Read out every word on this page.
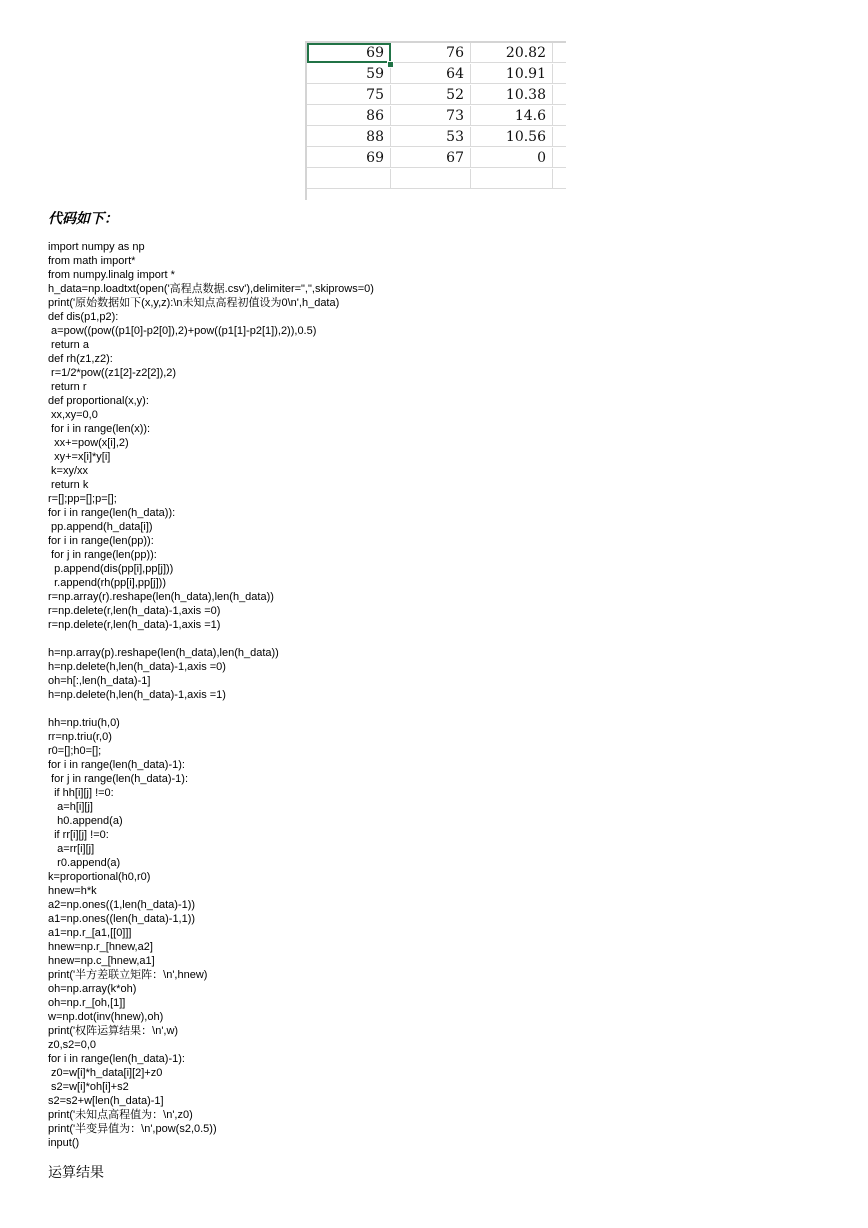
69	76	20.82
59	64	10.91
75	52	10.38
86	73	14.6
88	53	10.56
69	67	0
代码如下：
import numpy as np
from math import*
from numpy.linalg import *
h_data=np.loadtxt(open('高程点数据.csv'),delimiter=",",skiprows=0)
print('原始数据如下(x,y,z):\n未知点高程初值设为0\n',h_data)
def dis(p1,p2):
a=pow((pow((p1[0]-p2[0]),2)+pow((p1[1]-p2[1]),2)),0.5)
return a
def rh(z1,z2):
r=1/2*pow((z1[2]-z2[2]),2)
return r
def proportional(x,y):
xx,xy=0,0
for i in range(len(x)):
xx+=pow(x[i],2)
xy+=x[i]*y[i]
k=xy/xx
return k
r=[];pp=[];p=[];
for i in range(len(h_data)):
pp.append(h_data[i])
for i in range(len(pp)):
for j in range(len(pp)):
p.append(dis(pp[i],pp[j]))
r.append(rh(pp[i],pp[j]))
r=np.array(r).reshape(len(h_data),len(h_data))
r=np.delete(r,len(h_data)-1,axis =0)
r=np.delete(r,len(h_data)-1,axis =1)

h=np.array(p).reshape(len(h_data),len(h_data))
h=np.delete(h,len(h_data)-1,axis =0)
oh=h[:,len(h_data)-1]
h=np.delete(h,len(h_data)-1,axis =1)

hh=np.triu(h,0)
rr=np.triu(r,0)
r0=[];h0=[];
for i in range(len(h_data)-1):
for j in range(len(h_data)-1):
if hh[i][j] !=0:
a=h[i][j]
h0.append(a)
if rr[i][j] !=0:
a=rr[i][j]
r0.append(a)
k=proportional(h0,r0)
hnew=h*k
a2=np.ones((1,len(h_data)-1))
a1=np.ones((len(h_data)-1,1))
a1=np.r_[a1,[[0]]]
hnew=np.r_[hnew,a2]
hnew=np.c_[hnew,a1]
print('半方差联立矩阵：\n',hnew)
oh=np.array(k*oh)
oh=np.r_[oh,[1]]
w=np.dot(inv(hnew),oh)
print('权阵运算结果：\n',w)
z0,s2=0,0
for i in range(len(h_data)-1):
z0=w[i]*h_data[i][2]+z0
s2=w[i]*oh[i]+s2
s2=s2+w[len(h_data)-1]
print('未知点高程值为：\n',z0)
print('半变异值为：\n',pow(s2,0.5))
input()

运算结果
